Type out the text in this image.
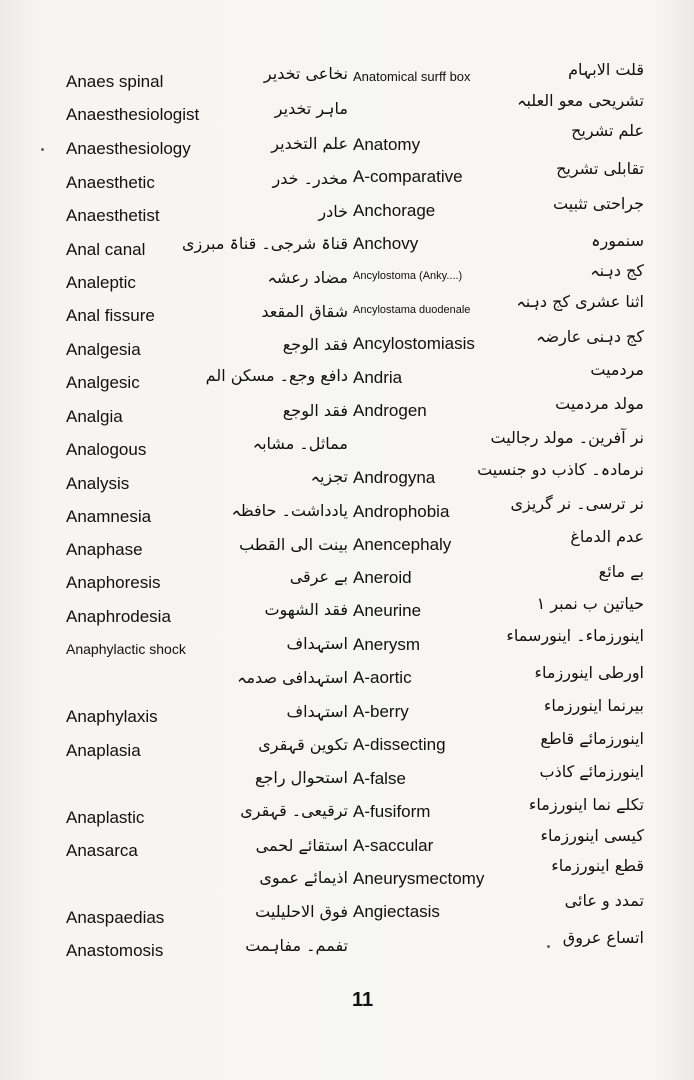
Anaes spinal
Anaesthesiologist
Anaesthesiology
Anaesthetic
Anaesthetist
Anal canal
Analeptic
Anal fissure
Analgesia
Analgesic
Analgia
Analogous
Analysis
Anamnesia
Anaphase
Anaphoresis
Anaphrodesia
Anaphylactic shock
Anaphylaxis
Anaplasia
Anaplastic
Anasarca
Anaspaedias
Anastomosis
نخاعی تخدیر
ماہر تخدیر
علم التخدیر
مخدر۔ خدر
خادر
قناۃ شرجی۔ قناۃ مبرزی
مضاد رعشہ
شقاق المقعد
فقد الوجع
دافع وجع۔ مسکن الم
فقد الوجع
مماثل۔ مشابہ
تجزیہ
یادداشت۔ حافظہ
بینت الی القطب
بے عرقی
فقد الشھوت
استہداف
استہدافی صدمہ
استہداف
تکوین قہقری
استحوال راجع
ترقیعی۔ قہقری
استقائے لحمی
اذیمائے عموی
فوق الاحلیلیت
تفمم۔ مفاہمت
Anatomical surff box
Anatomy
A-comparative
Anchorage
Anchovy
Ancylostoma (Anky....)
Ancylostama duodenale
Ancylostomiasis
Andria
Androgen
Androgyna
Androphobia
Anencephaly
Aneroid
Aneurine
Anerysm
A-aortic
A-berry
A-dissecting
A-false
A-fusiform
A-saccular
Aneurysmectomy
Angiectasis
قلت الابہام
تشریحی معو العلبہ
علم تشریح
تقابلی تشریح
جراحتی تثبیت
سنمورہ
کج دہنہ
اثنا عشری کج دہنہ
کج دہنی عارضہ
مردمیت
مولد مردمیت
نر آفرین۔ مولد رجالیت
نرمادہ۔ کاذب دو جنسیت
نر ترسی۔ نر گریزی
عدم الدماغ
بے مائع
حیاتین ب نمبر ۱
اینورزماء۔ اینورسماء
اورطی اینورزماء
بیرنما اینورزماء
اینورزمائے قاطع
اینورزمائے کاذب
تکلے نما اینورزماء
کیسی اینورزماء
قطع اینورزماء
تمدد و عائی
اتساع عروق
11
